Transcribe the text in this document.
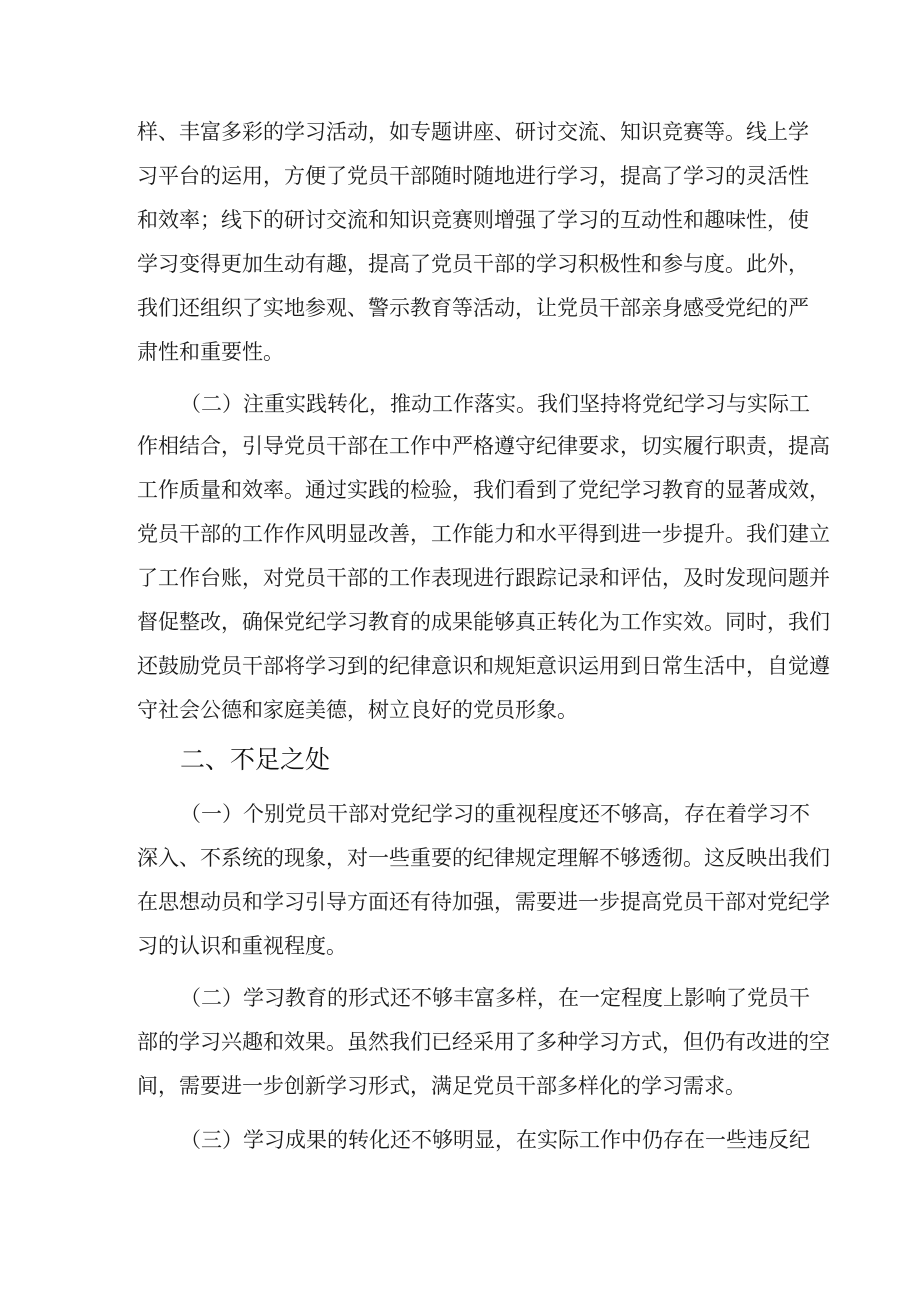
样、丰富多彩的学习活动，如专题讲座、研讨交流、知识竞赛等。线上学

习平台的运用，方便了党员干部随时随地进行学习，提高了学习的灵活性

和效率；线下的研讨交流和知识竞赛则增强了学习的互动性和趣味性，使

学习变得更加生动有趣，提高了党员干部的学习积极性和参与度。此外，

我们还组织了实地参观、警示教育等活动，让党员干部亲身感受党纪的严

肃性和重要性。

（二）注重实践转化，推动工作落实。我们坚持将党纪学习与实际工

作相结合，引导党员干部在工作中严格遵守纪律要求，切实履行职责，提高

工作质量和效率。通过实践的检验，我们看到了党纪学习教育的显著成效，

党员干部的工作作风明显改善，工作能力和水平得到进一步提升。我们建立

了工作台账，对党员干部的工作表现进行跟踪记录和评估，及时发现问题并

督促整改，确保党纪学习教育的成果能够真正转化为工作实效。同时，我们

还鼓励党员干部将学习到的纪律意识和规矩意识运用到日常生活中，自觉遵

守社会公德和家庭美德，树立良好的党员形象。

二、不足之处

（一）个别党员干部对党纪学习的重视程度还不够高，存在着学习不

深入、不系统的现象，对一些重要的纪律规定理解不够透彻。这反映出我们

在思想动员和学习引导方面还有待加强，需要进一步提高党员干部对党纪学

习的认识和重视程度。

（二）学习教育的形式还不够丰富多样，在一定程度上影响了党员干

部的学习兴趣和效果。虽然我们已经采用了多种学习方式，但仍有改进的空

间，需要进一步创新学习形式，满足党员干部多样化的学习需求。

（三）学习成果的转化还不够明显，在实际工作中仍存在一些违反纪
